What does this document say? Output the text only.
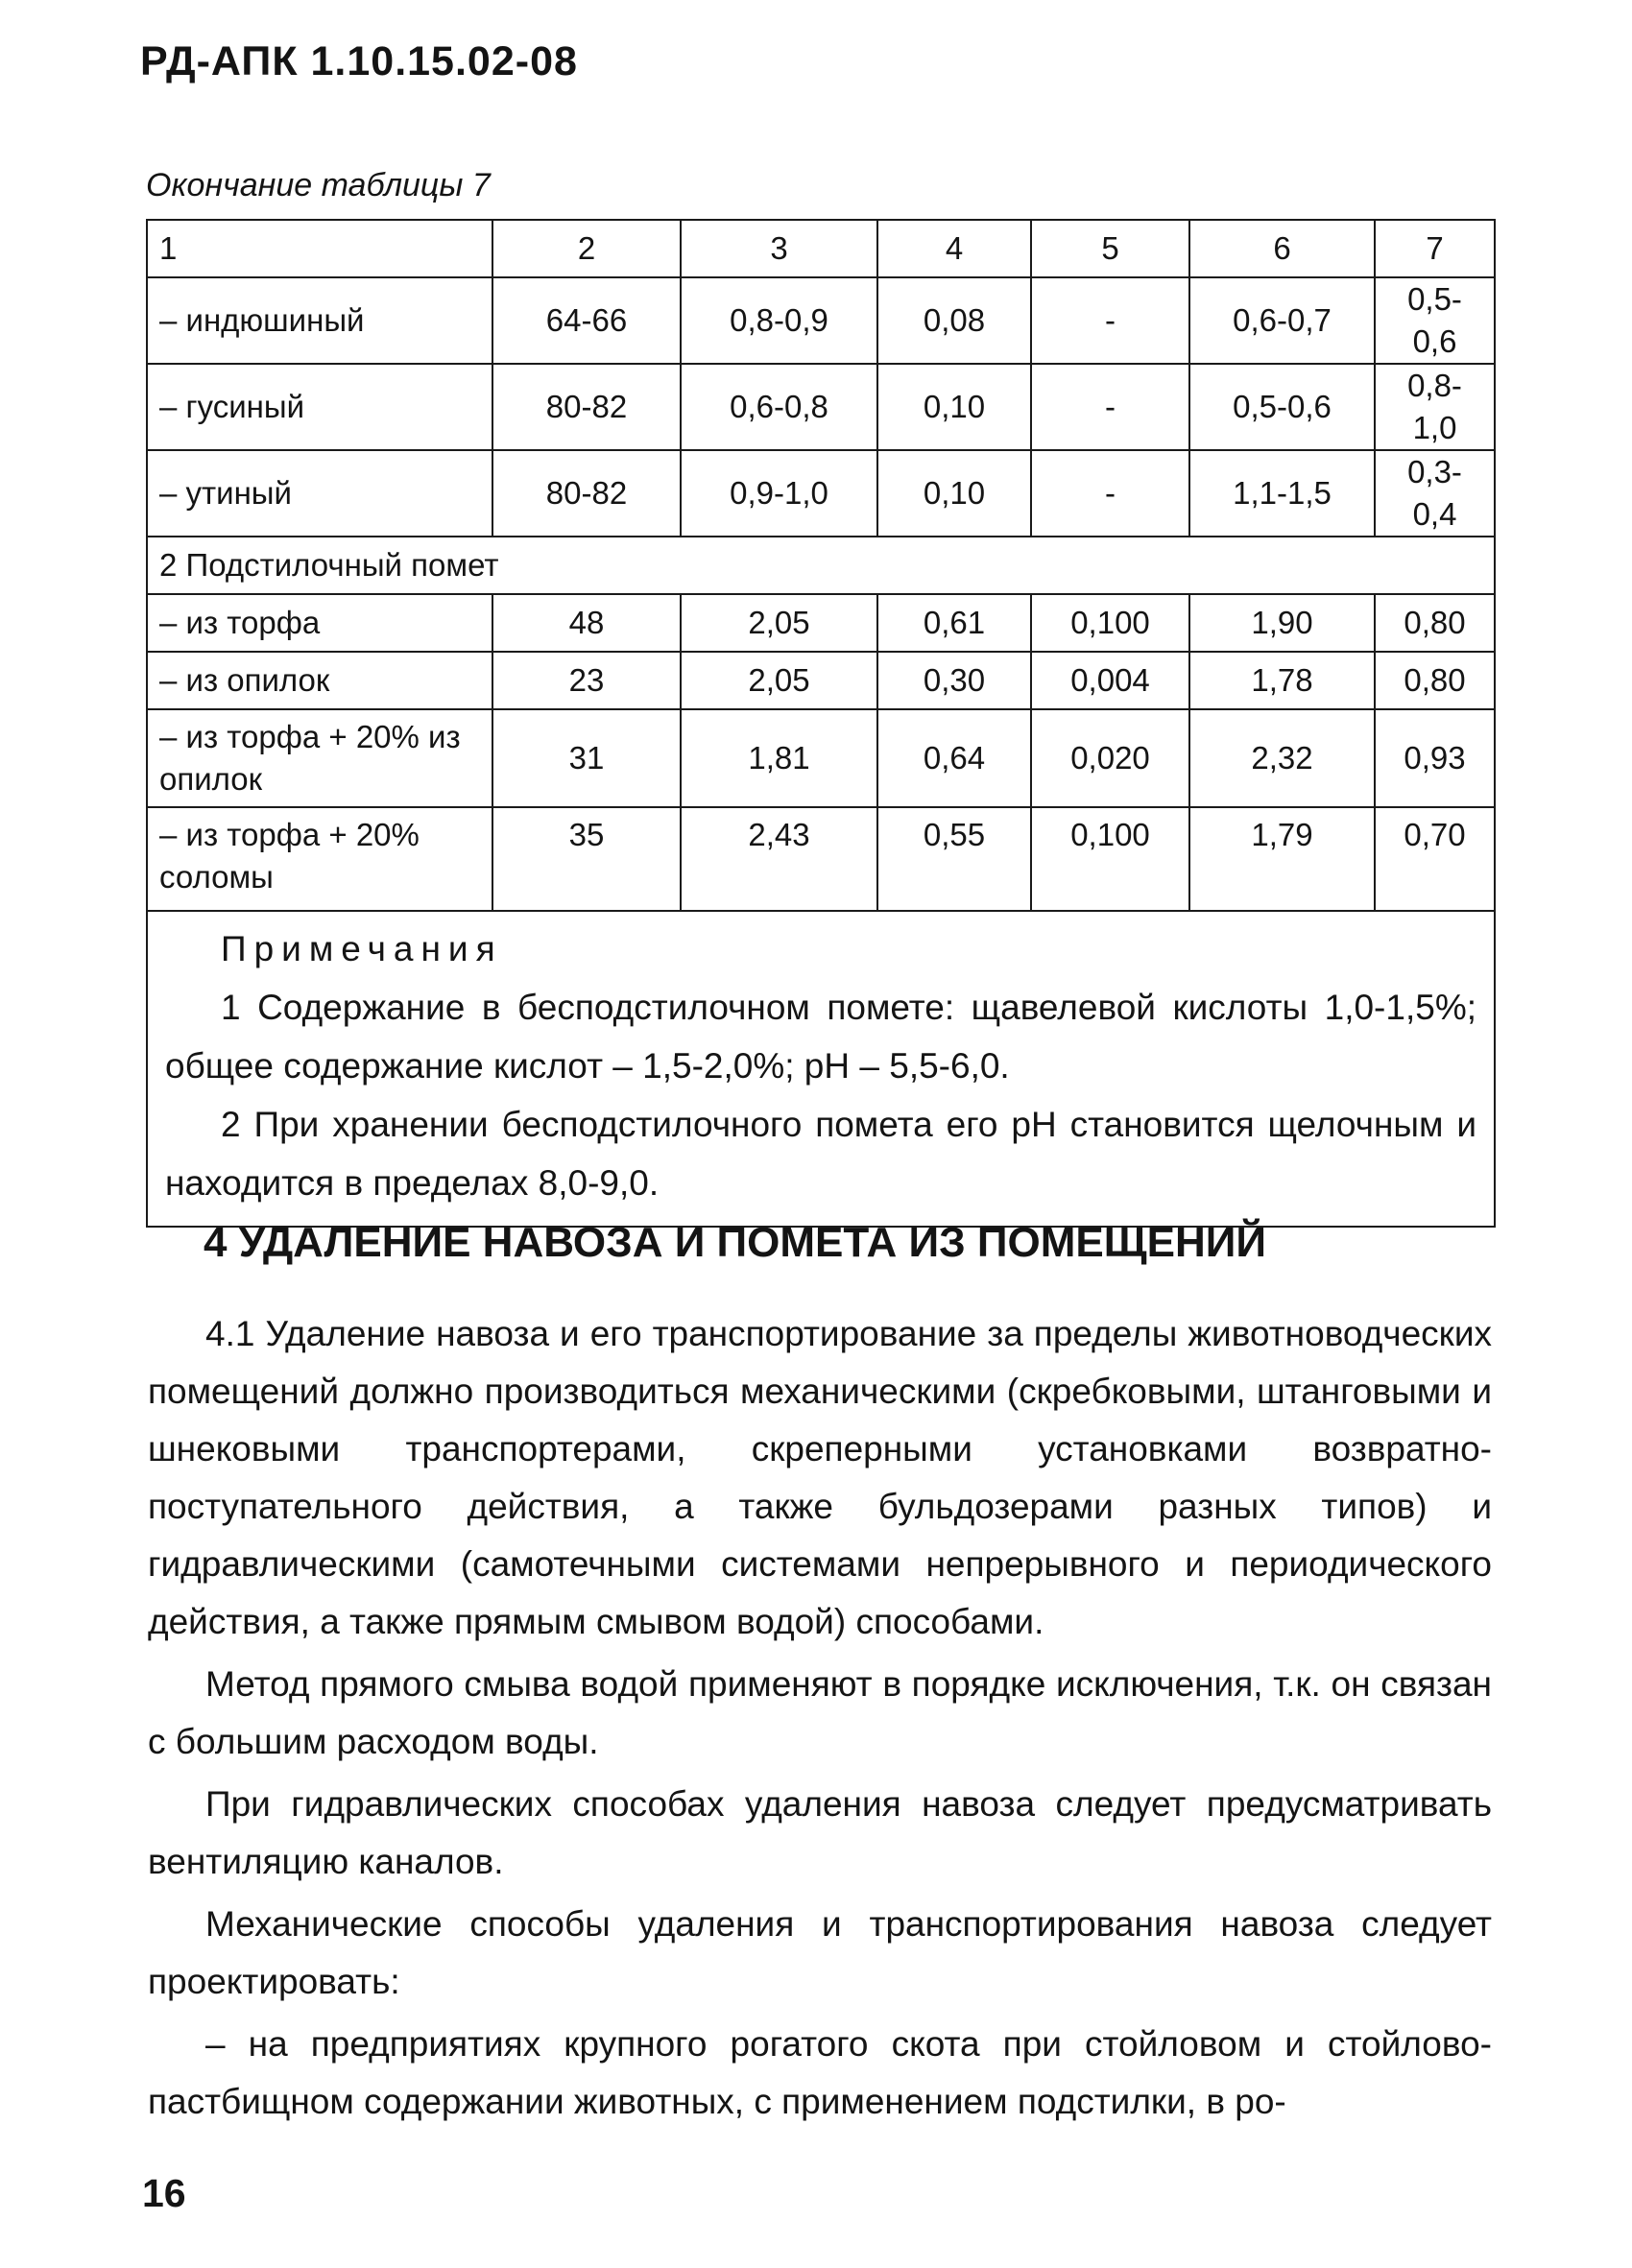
РД-АПК 1.10.15.02-08

Окончание таблицы 7

1	2	3	4	5	6	7
– индюшиный	64-66	0,8-0,9	0,08	-	0,6-0,7	0,5-0,6
– гусиный	80-82	0,6-0,8	0,10	-	0,5-0,6	0,8-1,0
– утиный	80-82	0,9-1,0	0,10	-	1,1-1,5	0,3-0,4
2 Подстилочный помет						
– из торфа	48	2,05	0,61	0,100	1,90	0,80
– из опилок	23	2,05	0,30	0,004	1,78	0,80
– из торфа + 20% из опилок	31	1,81	0,64	0,020	2,32	0,93
– из торфа + 20% соломы	35	2,43	0,55	0,100	1,79	0,70

Примечания

1 Содержание в бесподстилочном помете: щавелевой кислоты 1,0-1,5%; общее содержание кислот – 1,5-2,0%; рН – 5,5-6,0.

2 При хранении бесподстилочного помета его рН становится щелочным и находится в пределах 8,0-9,0.						

4 УДАЛЕНИЕ НАВОЗА И ПОМЕТА ИЗ ПОМЕЩЕНИЙ

4.1 Удаление навоза и его транспортирование за пределы животноводческих помещений должно производиться механическими (скребковыми, штанговыми и шнековыми транспортерами, скреперными установками возвратно-поступательного действия, а также бульдозерами разных типов) и гидравлическими (самотечными системами непрерывного и периодического действия, а также прямым смывом водой) способами.

Метод прямого смыва водой применяют в порядке исключения, т.к. он связан с большим расходом воды.

При гидравлических способах удаления навоза следует предусматривать вентиляцию каналов.

Механические способы удаления и транспортирования навоза следует проектировать:

– на предприятиях крупного рогатого скота при стойловом и стойлово-пастбищном содержании животных, с применением подстилки, в ро-

16
